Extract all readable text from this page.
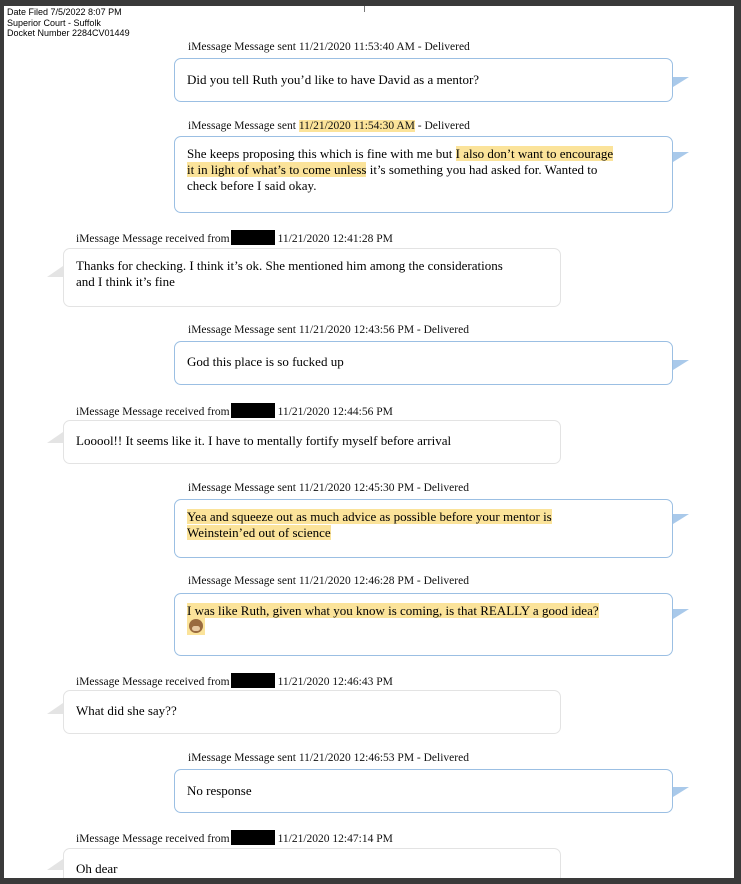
Date Filed 7/5/2022 8:07 PM
Superior Court - Suffolk
Docket Number 2284CV01449
iMessage Message sent 11/21/2020 11:53:40 AM - Delivered
Did you tell Ruth you’d like to have David as a mentor?
iMessage Message sent 11/21/2020 11:54:30 AM - Delivered
She keeps proposing this which is fine with me but I also don’t want to encourage
it in light of what’s to come unless it’s something you had asked for. Wanted to
check before I said okay.
iMessage Message received from	11/21/2020 12:41:28 PM
Thanks for checking. I think it’s ok. She mentioned him among the considerations
and I think it’s fine
iMessage Message sent 11/21/2020 12:43:56 PM - Delivered
God this place is so fucked up
iMessage Message received from	11/21/2020 12:44:56 PM
Looool!! It seems like it. I have to mentally fortify myself before arrival
iMessage Message sent 11/21/2020 12:45:30 PM - Delivered
Yea and squeeze out as much advice as possible before your mentor is
Weinstein’ed out of science
iMessage Message sent 11/21/2020 12:46:28 PM - Delivered
I was like Ruth, given what you know is coming, is that REALLY a good idea?
iMessage Message received from	11/21/2020 12:46:43 PM
What did she say??
iMessage Message sent 11/21/2020 12:46:53 PM - Delivered
No response
iMessage Message received from	11/21/2020 12:47:14 PM
Oh dear
